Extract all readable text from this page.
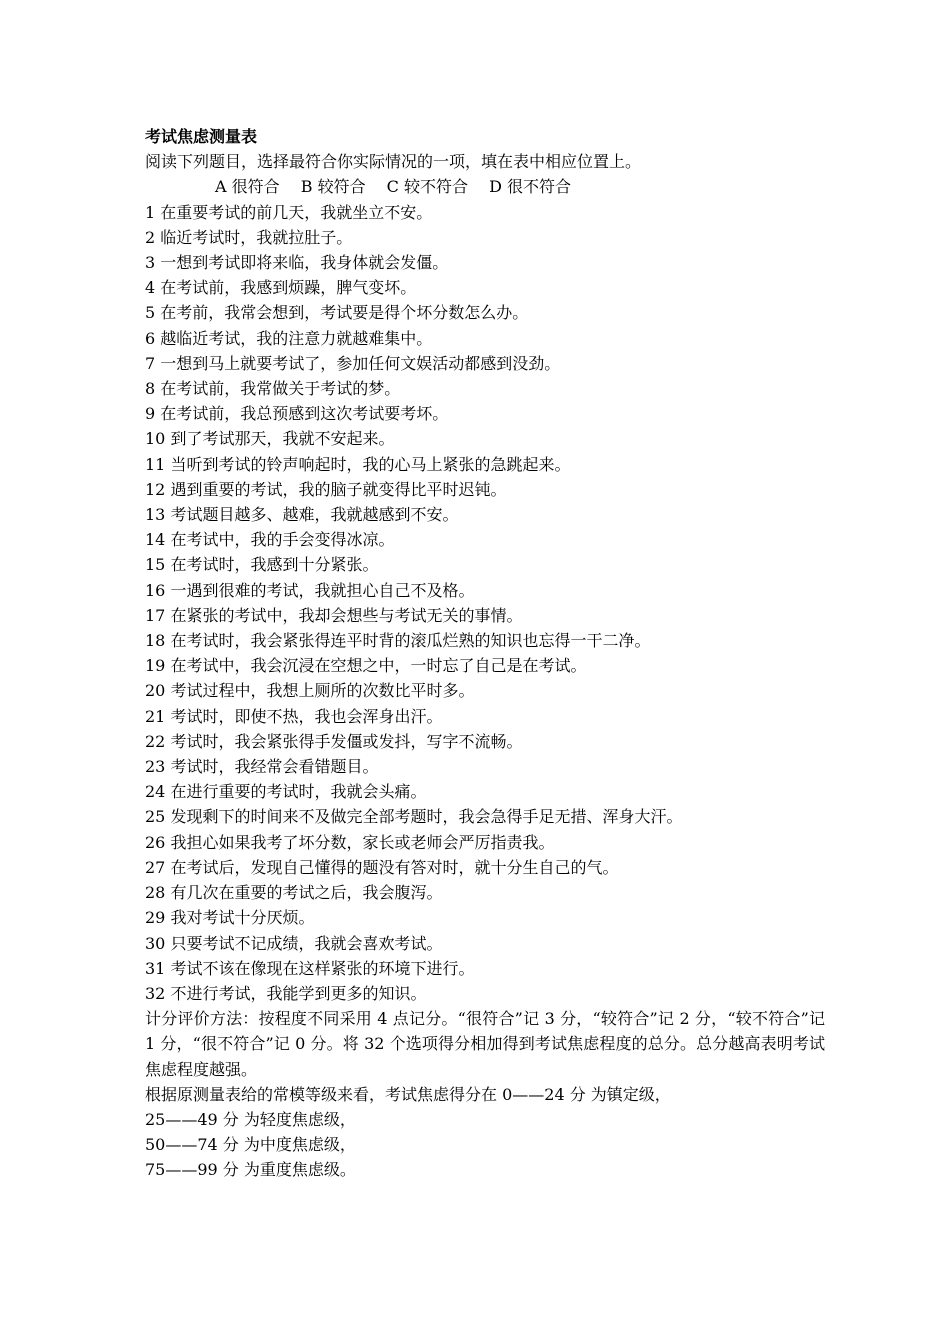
考试焦虑测量表
阅读下列题目，选择最符合你实际情况的一项，填在表中相应位置上。
A 很符合　 B 较符合　 C 较不符合　 D 很不符合
1 在重要考试的前几天，我就坐立不安。
2 临近考试时，我就拉肚子。
3 一想到考试即将来临，我身体就会发僵。
4 在考试前，我感到烦躁，脾气变坏。
5 在考前，我常会想到，考试要是得个坏分数怎么办。
6 越临近考试，我的注意力就越难集中。
7 一想到马上就要考试了，参加任何文娱活动都感到没劲。
8 在考试前，我常做关于考试的梦。
9 在考试前，我总预感到这次考试要考坏。
10 到了考试那天，我就不安起来。
11 当听到考试的铃声响起时，我的心马上紧张的急跳起来。
12 遇到重要的考试，我的脑子就变得比平时迟钝。
13 考试题目越多、越难，我就越感到不安。
14 在考试中，我的手会变得冰凉。
15 在考试时，我感到十分紧张。
16 一遇到很难的考试，我就担心自己不及格。
17 在紧张的考试中，我却会想些与考试无关的事情。
18 在考试时，我会紧张得连平时背的滚瓜烂熟的知识也忘得一干二净。
19 在考试中，我会沉浸在空想之中，一时忘了自己是在考试。
20 考试过程中，我想上厕所的次数比平时多。
21 考试时，即使不热，我也会浑身出汗。
22 考试时，我会紧张得手发僵或发抖，写字不流畅。
23 考试时，我经常会看错题目。
24 在进行重要的考试时，我就会头痛。
25 发现剩下的时间来不及做完全部考题时，我会急得手足无措、浑身大汗。
26 我担心如果我考了坏分数，家长或老师会严厉指责我。
27 在考试后，发现自己懂得的题没有答对时，就十分生自己的气。
28 有几次在重要的考试之后，我会腹泻。
29 我对考试十分厌烦。
30 只要考试不记成绩，我就会喜欢考试。
31 考试不该在像现在这样紧张的环境下进行。
32 不进行考试，我能学到更多的知识。
计分评价方法：按程度不同采用 4 点记分。“很符合”记 3 分，“较符合”记 2 分，“较不符合”记 1 分，“很不符合”记 0 分。将 32 个选项得分相加得到考试焦虑程度的总分。总分越高表明考试焦虑程度越强。
根据原测量表给的常模等级来看，考试焦虑得分在 0——24 分 为镇定级，
25——49 分 为轻度焦虑级，
50——74 分 为中度焦虑级，
75——99 分 为重度焦虑级。
